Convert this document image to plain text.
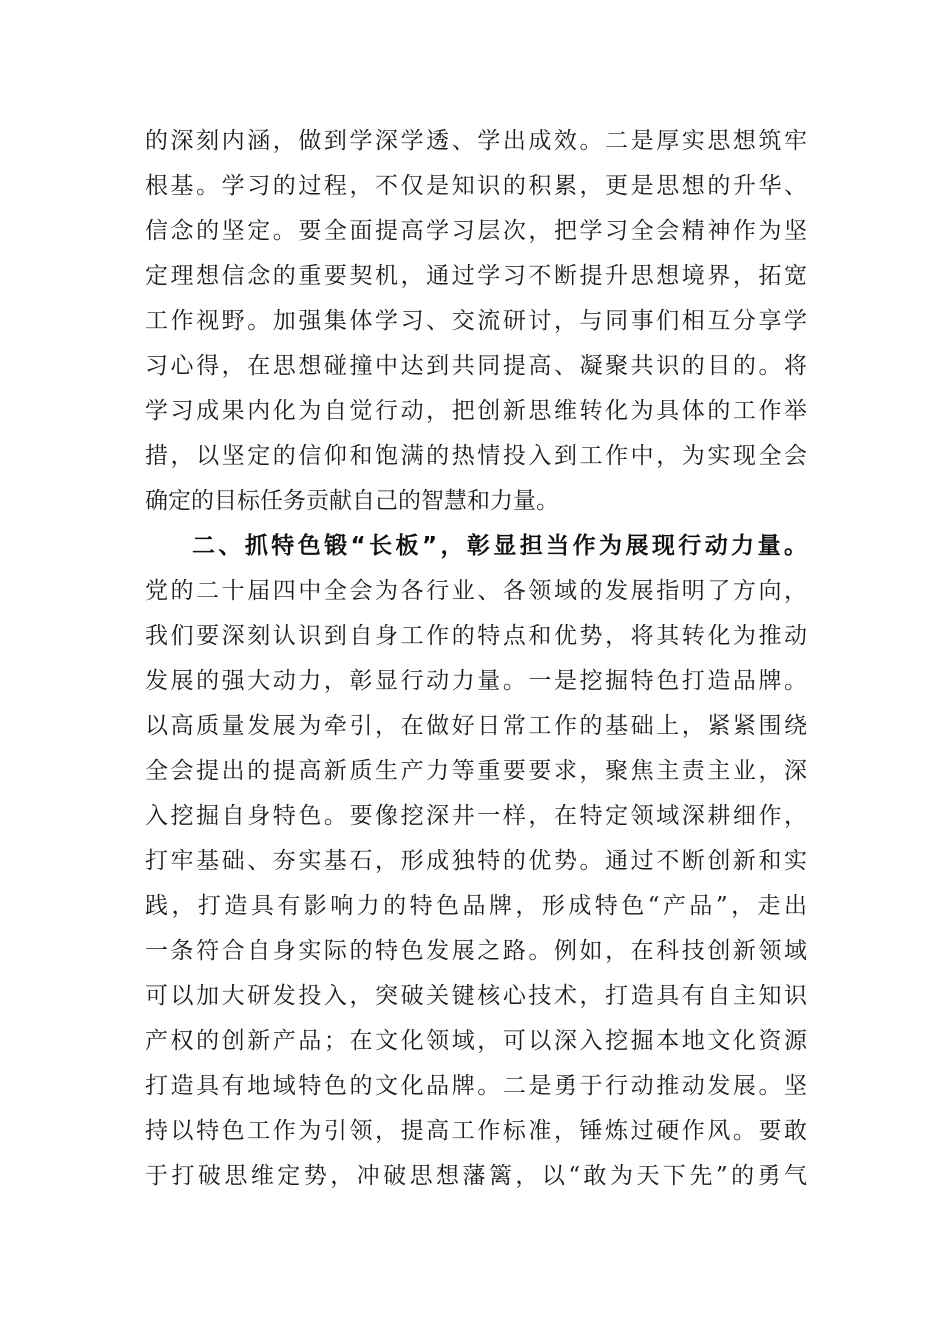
的深刻内涵，做到学深学透、学出成效。二是厚实思想筑牢
根基。学习的过程，不仅是知识的积累，更是思想的升华、
信念的坚定。要全面提高学习层次，把学习全会精神作为坚
定理想信念的重要契机，通过学习不断提升思想境界，拓宽
工作视野。加强集体学习、交流研讨，与同事们相互分享学
习心得，在思想碰撞中达到共同提高、凝聚共识的目的。将
学习成果内化为自觉行动，把创新思维转化为具体的工作举
措，以坚定的信仰和饱满的热情投入到工作中，为实现全会
确定的目标任务贡献自己的智慧和力量。
二、抓特色锻“长板”，彰显担当作为展现行动力量。
党的二十届四中全会为各行业、各领域的发展指明了方向，
我们要深刻认识到自身工作的特点和优势，将其转化为推动
发展的强大动力，彰显行动力量。一是挖掘特色打造品牌。
以高质量发展为牵引，在做好日常工作的基础上，紧紧围绕
全会提出的提高新质生产力等重要要求，聚焦主责主业，深
入挖掘自身特色。要像挖深井一样，在特定领域深耕细作，
打牢基础、夯实基石，形成独特的优势。通过不断创新和实
践，打造具有影响力的特色品牌，形成特色“产品”，走出
一条符合自身实际的特色发展之路。例如，在科技创新领域
可以加大研发投入，突破关键核心技术，打造具有自主知识
产权的创新产品；在文化领域，可以深入挖掘本地文化资源
打造具有地域特色的文化品牌。二是勇于行动推动发展。坚
持以特色工作为引领，提高工作标准，锤炼过硬作风。要敢
于打破思维定势，冲破思想藩篱，以“敢为天下先”的勇气
